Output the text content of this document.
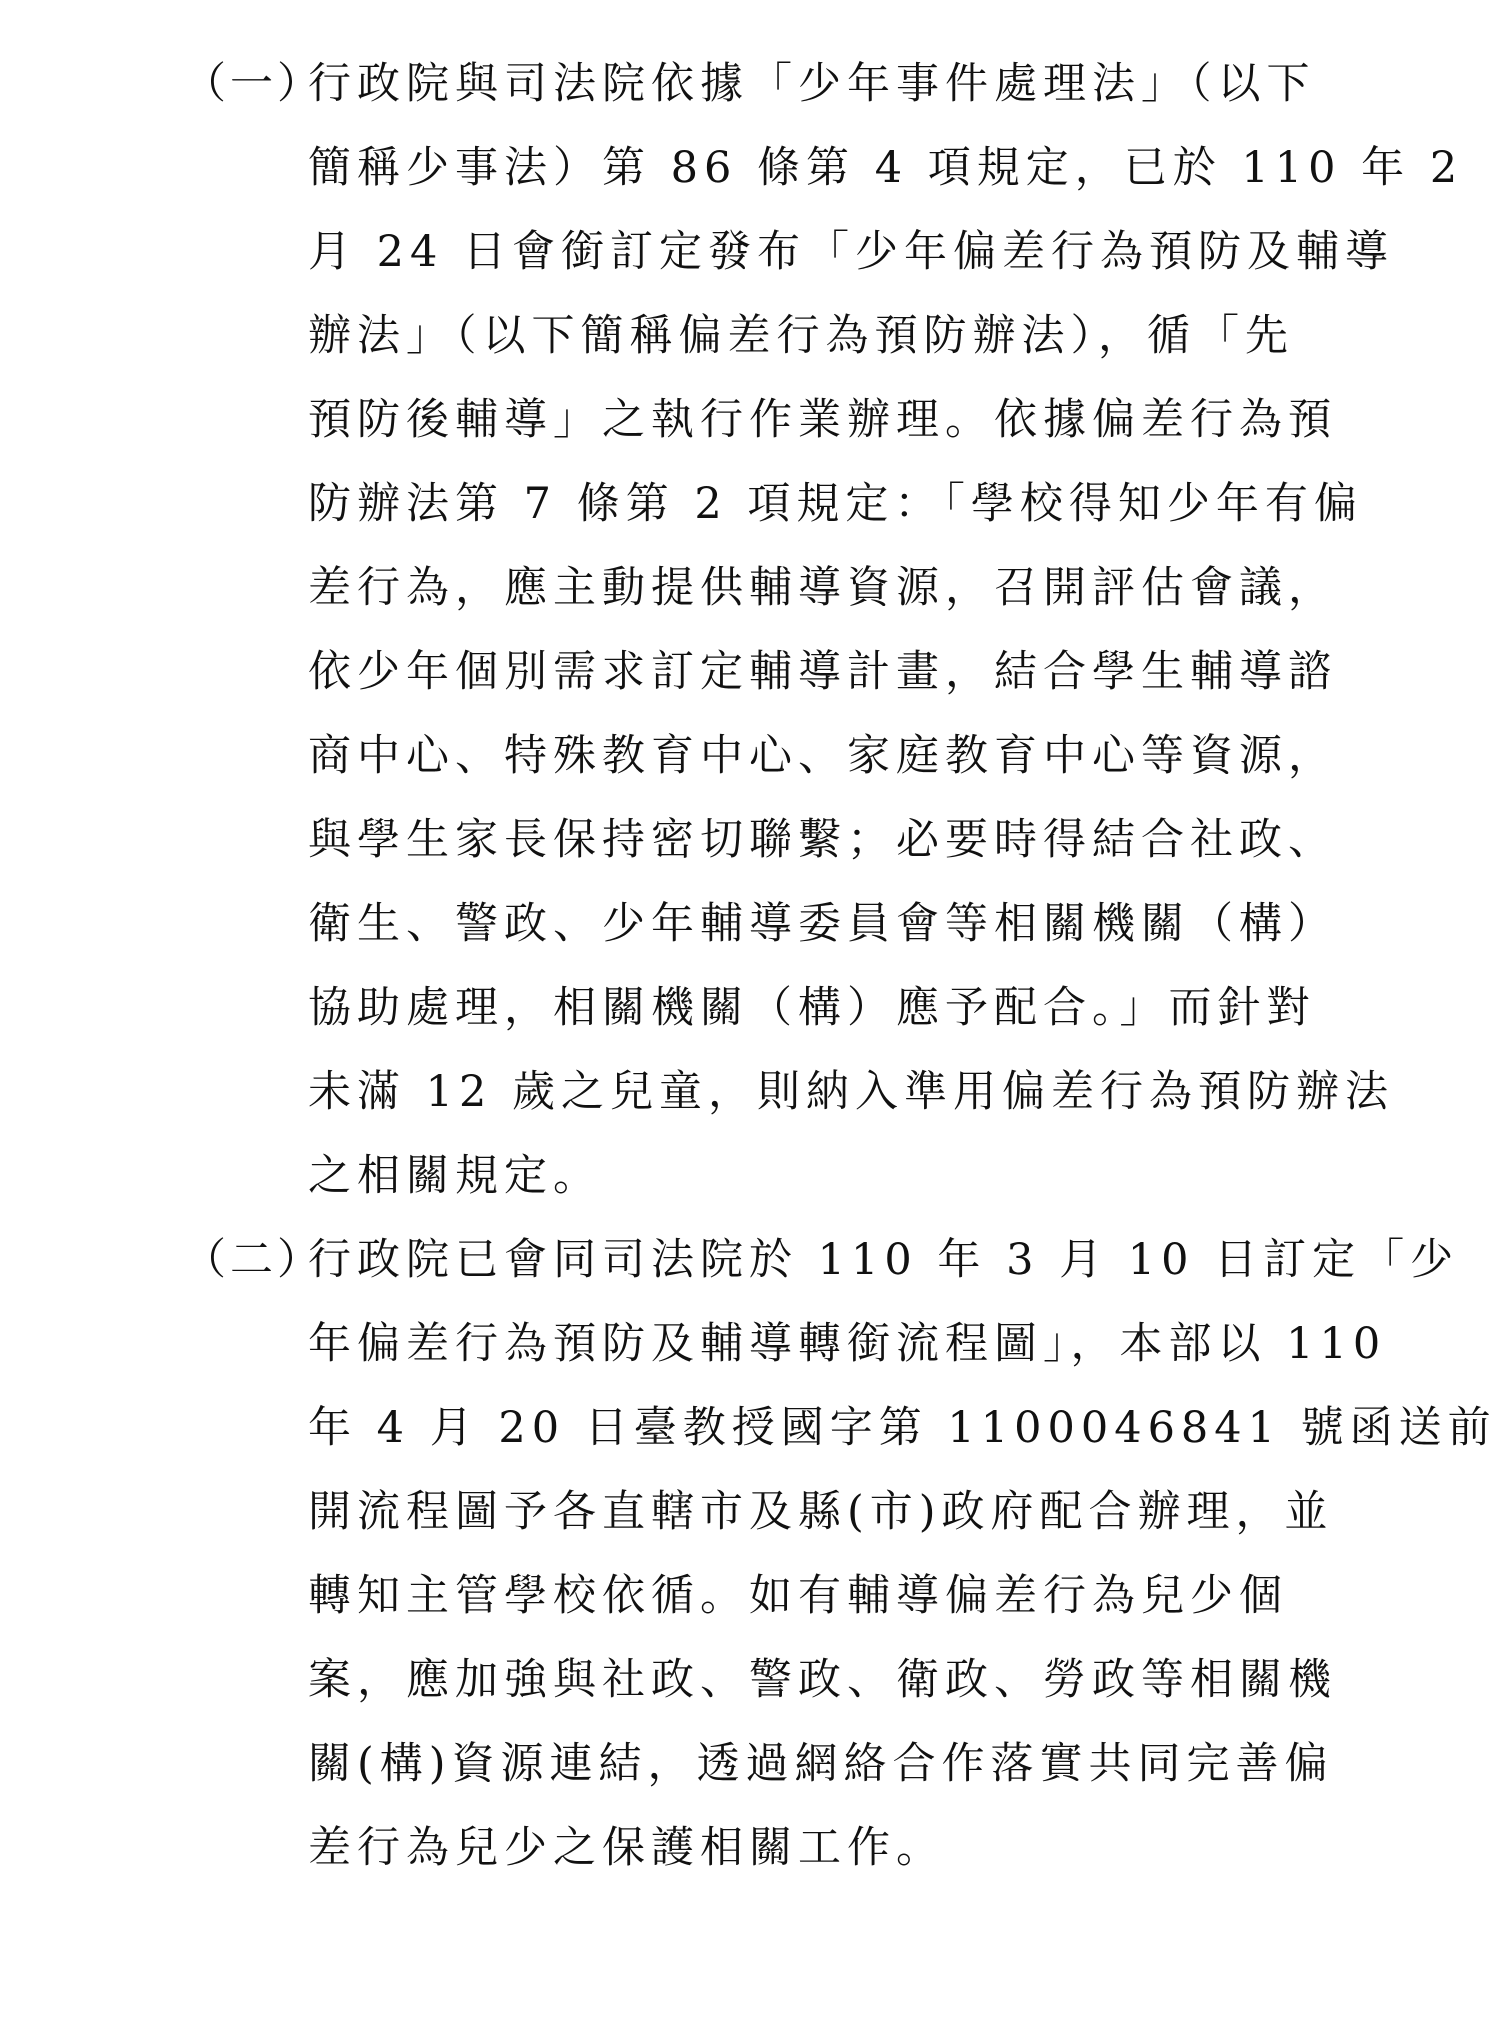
（一）
行政院與司法院依據「少年事件處理法」（以下
簡稱少事法）第 86 條第 4 項規定，已於 110 年 2
月 24 日會銜訂定發布「少年偏差行為預防及輔導
辦法」（以下簡稱偏差行為預防辦法），循「先
預防後輔導」之執行作業辦理。依據偏差行為預
防辦法第 7 條第 2 項規定：「學校得知少年有偏
差行為，應主動提供輔導資源，召開評估會議，
依少年個別需求訂定輔導計畫，結合學生輔導諮
商中心、特殊教育中心、家庭教育中心等資源，
與學生家長保持密切聯繫；必要時得結合社政、
衛生、警政、少年輔導委員會等相關機關（構）
協助處理，相關機關（構）應予配合。」而針對
未滿 12 歲之兒童，則納入準用偏差行為預防辦法
之相關規定。
（二）
行政院已會同司法院於 110 年 3 月 10 日訂定「少
年偏差行為預防及輔導轉銜流程圖」，本部以 110
年 4 月 20 日臺教授國字第 1100046841 號函送前
開流程圖予各直轄市及縣(市)政府配合辦理，並
轉知主管學校依循。如有輔導偏差行為兒少個
案，應加強與社政、警政、衛政、勞政等相關機
關(構)資源連結，透過網絡合作落實共同完善偏
差行為兒少之保護相關工作。
